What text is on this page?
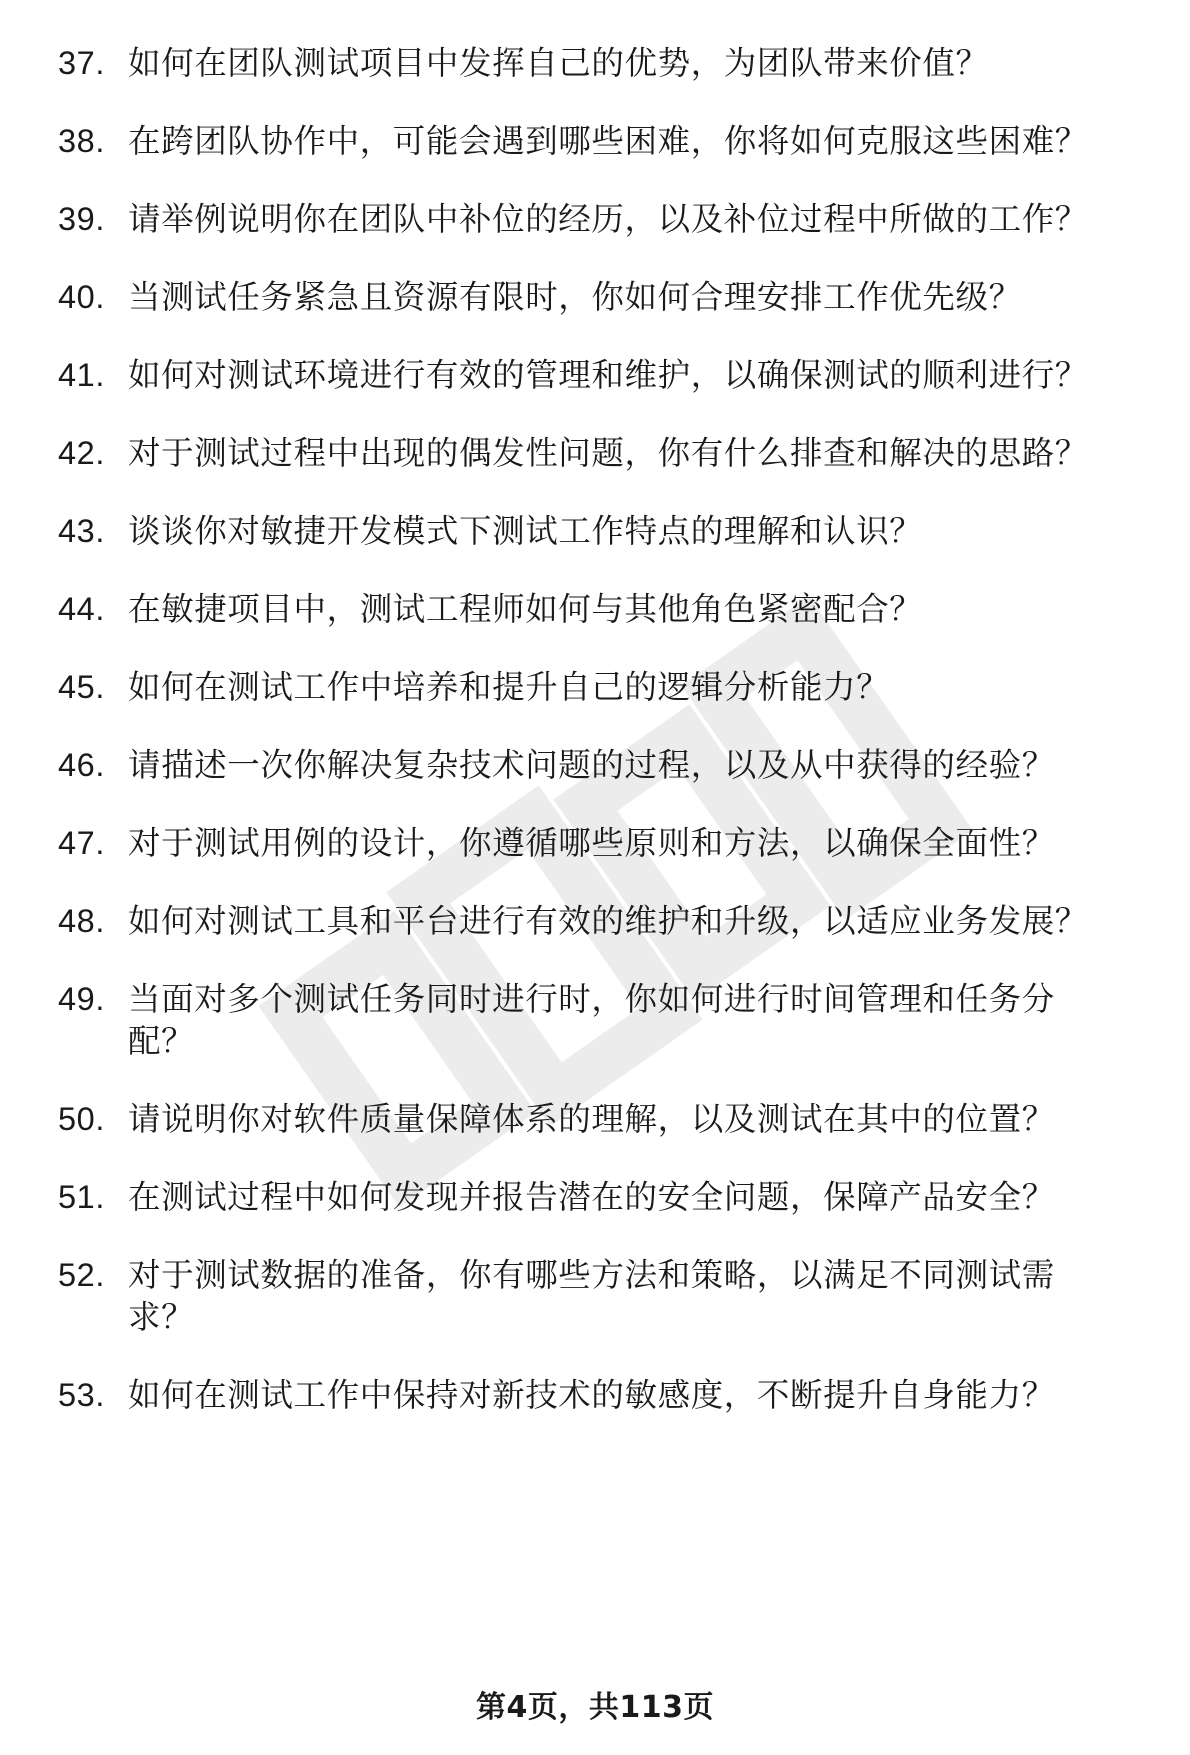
37. 如何在团队测试项目中发挥自己的优势，为团队带来价值？
38. 在跨团队协作中，可能会遇到哪些困难，你将如何克服这些困难？
39. 请举例说明你在团队中补位的经历，以及补位过程中所做的工作？
40. 当测试任务紧急且资源有限时，你如何合理安排工作优先级？
41. 如何对测试环境进行有效的管理和维护，以确保测试的顺利进行？
42. 对于测试过程中出现的偶发性问题，你有什么排查和解决的思路？
43. 谈谈你对敏捷开发模式下测试工作特点的理解和认识？
44. 在敏捷项目中，测试工程师如何与其他角色紧密配合？
45. 如何在测试工作中培养和提升自己的逻辑分析能力？
46. 请描述一次你解决复杂技术问题的过程，以及从中获得的经验？
47. 对于测试用例的设计，你遵循哪些原则和方法，以确保全面性？
48. 如何对测试工具和平台进行有效的维护和升级，以适应业务发展？
49. 当面对多个测试任务同时进行时，你如何进行时间管理和任务分配？
50. 请说明你对软件质量保障体系的理解，以及测试在其中的位置？
51. 在测试过程中如何发现并报告潜在的安全问题，保障产品安全？
52. 对于测试数据的准备，你有哪些方法和策略，以满足不同测试需求？
53. 如何在测试工作中保持对新技术的敏感度，不断提升自身能力？
第4页，共113页
